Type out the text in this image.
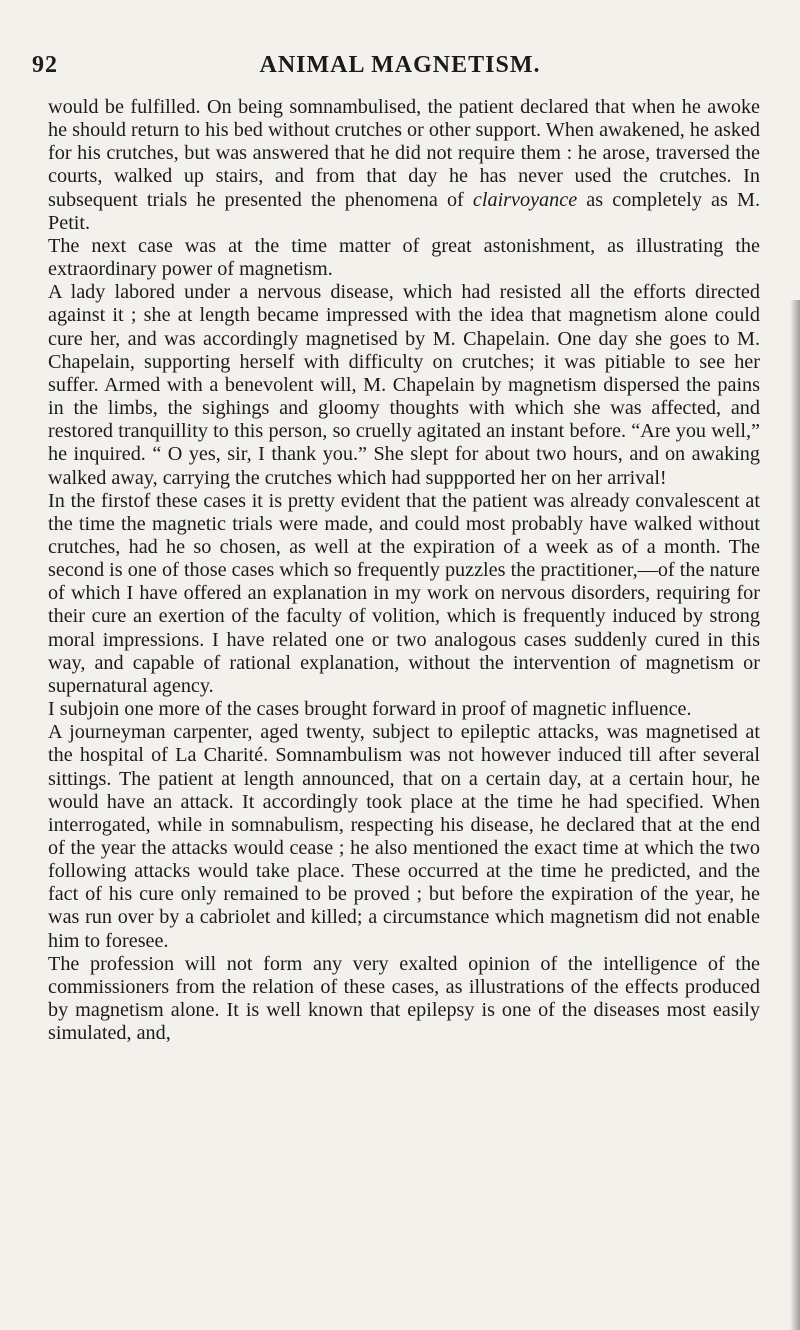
92	ANIMAL MAGNETISM.

would be fulfilled. On being somnambulised, the patient declared that when he awoke he should return to his bed without crutches or other support. When awakened, he asked for his crutches, but was answered that he did not require them : he arose, traversed the courts, walked up stairs, and from that day he has never used the crutches. In subsequent trials he presented the phenomena of clairvoyance as completely as M. Petit.

The next case was at the time matter of great astonishment, as illustrating the extraordinary power of magnetism.

A lady labored under a nervous disease, which had resisted all the efforts directed against it ; she at length became impressed with the idea that magnetism alone could cure her, and was accordingly magnetised by M. Chapelain. One day she goes to M. Chapelain, supporting herself with difficulty on crutches; it was pitiable to see her suffer. Armed with a benevolent will, M. Chapelain by magnetism dispersed the pains in the limbs, the sighings and gloomy thoughts with which she was affected, and restored tranquillity to this person, so cruelly agitated an instant before. “Are you well,” he inquired. “ O yes, sir, I thank you.” She slept for about two hours, and on awaking walked away, carrying the crutches which had suppported her on her arrival!

In the firstof these cases it is pretty evident that the patient was already convalescent at the time the magnetic trials were made, and could most probably have walked without crutches, had he so chosen, as well at the expiration of a week as of a month. The second is one of those cases which so frequently puzzles the practitioner,—of the nature of which I have offered an explanation in my work on nervous disorders, requiring for their cure an exertion of the faculty of volition, which is frequently induced by strong moral impressions. I have related one or two analogous cases suddenly cured in this way, and capable of rational explanation, without the intervention of magnetism or supernatural agency.

I subjoin one more of the cases brought forward in proof of magnetic influence.

A journeyman carpenter, aged twenty, subject to epileptic attacks, was magnetised at the hospital of La Charité. Somnambulism was not however induced till after several sittings. The patient at length announced, that on a certain day, at a certain hour, he would have an attack. It accordingly took place at the time he had specified. When interrogated, while in somnabulism, respecting his disease, he declared that at the end of the year the attacks would cease ; he also mentioned the exact time at which the two following attacks would take place. These occurred at the time he predicted, and the fact of his cure only remained to be proved ; but before the expiration of the year, he was run over by a cabriolet and killed; a circumstance which magnetism did not enable him to foresee.

The profession will not form any very exalted opinion of the intelligence of the commissioners from the relation of these cases, as illustrations of the effects produced by magnetism alone. It is well known that epilepsy is one of the diseases most easily simulated, and,
